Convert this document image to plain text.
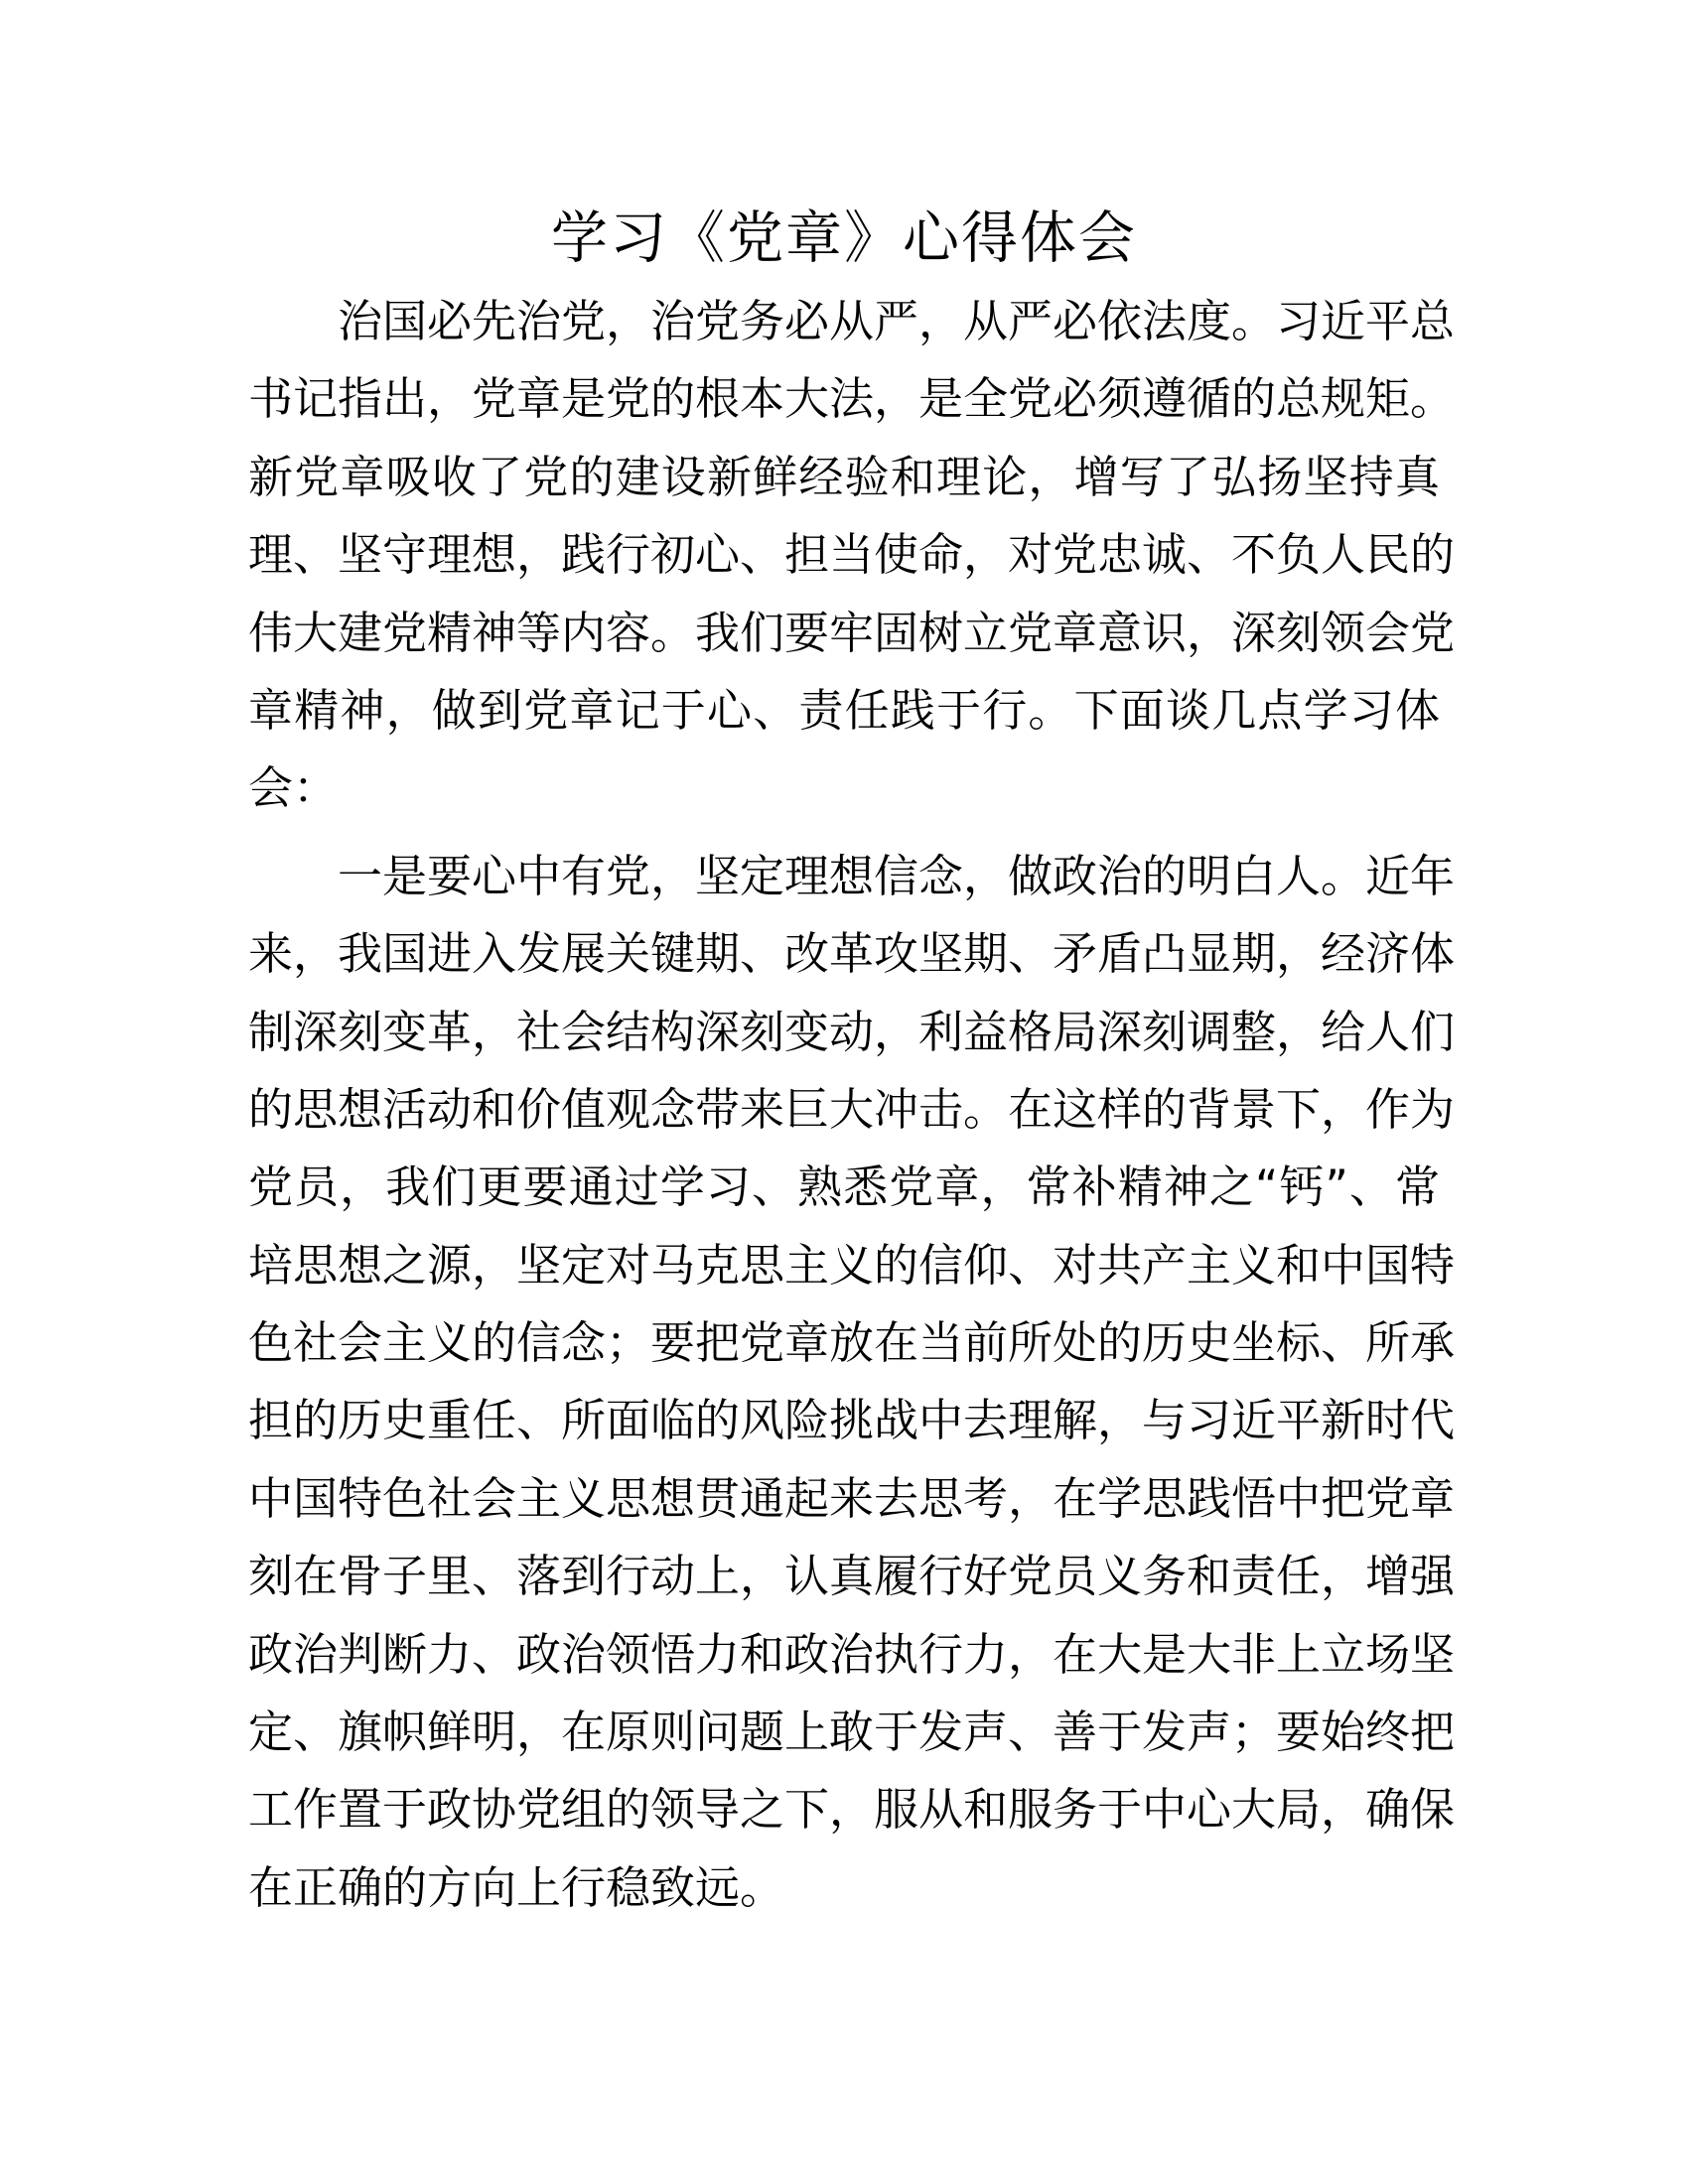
学习《党章》心得体会
治国必先治党，治党务必从严，从严必依法度。习近平总
书记指出，党章是党的根本大法，是全党必须遵循的总规矩。
新党章吸收了党的建设新鲜经验和理论，增写了弘扬坚持真
理、坚守理想，践行初心、担当使命，对党忠诚、不负人民的
伟大建党精神等内容。我们要牢固树立党章意识，深刻领会党
章精神，做到党章记于心、责任践于行。下面谈几点学习体
会：
一是要心中有党，坚定理想信念，做政治的明白人。近年
来，我国进入发展关键期、改革攻坚期、矛盾凸显期，经济体
制深刻变革，社会结构深刻变动，利益格局深刻调整，给人们
的思想活动和价值观念带来巨大冲击。在这样的背景下，作为
党员，我们更要通过学习、熟悉党章，常补精神之“钙”、常
培思想之源，坚定对马克思主义的信仰、对共产主义和中国特
色社会主义的信念；要把党章放在当前所处的历史坐标、所承
担的历史重任、所面临的风险挑战中去理解，与习近平新时代
中国特色社会主义思想贯通起来去思考，在学思践悟中把党章
刻在骨子里、落到行动上，认真履行好党员义务和责任，增强
政治判断力、政治领悟力和政治执行力，在大是大非上立场坚
定、旗帜鲜明，在原则问题上敢于发声、善于发声；要始终把
工作置于政协党组的领导之下，服从和服务于中心大局，确保
在正确的方向上行稳致远。
